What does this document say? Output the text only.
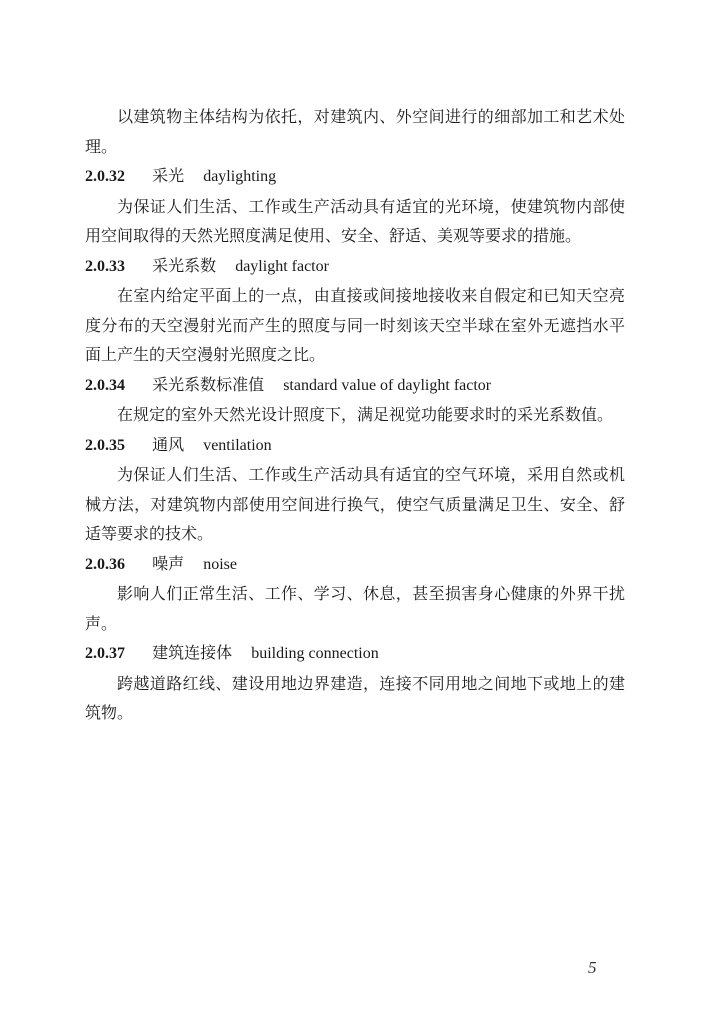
以建筑物主体结构为依托，对建筑内、外空间进行的细部加工和艺术处理。

2.0.32 采光 daylighting

为保证人们生活、工作或生产活动具有适宜的光环境，使建筑物内部使用空间取得的天然光照度满足使用、安全、舒适、美观等要求的措施。

2.0.33 采光系数 daylight factor

在室内给定平面上的一点，由直接或间接地接收来自假定和已知天空亮度分布的天空漫射光而产生的照度与同一时刻该天空半球在室外无遮挡水平面上产生的天空漫射光照度之比。

2.0.34 采光系数标准值 standard value of daylight factor

在规定的室外天然光设计照度下，满足视觉功能要求时的采光系数值。

2.0.35 通风 ventilation

为保证人们生活、工作或生产活动具有适宜的空气环境，采用自然或机械方法，对建筑物内部使用空间进行换气，使空气质量满足卫生、安全、舒适等要求的技术。

2.0.36 噪声 noise

影响人们正常生活、工作、学习、休息，甚至损害身心健康的外界干扰声。

2.0.37 建筑连接体 building connection

跨越道路红线、建设用地边界建造，连接不同用地之间地下或地上的建筑物。

5
